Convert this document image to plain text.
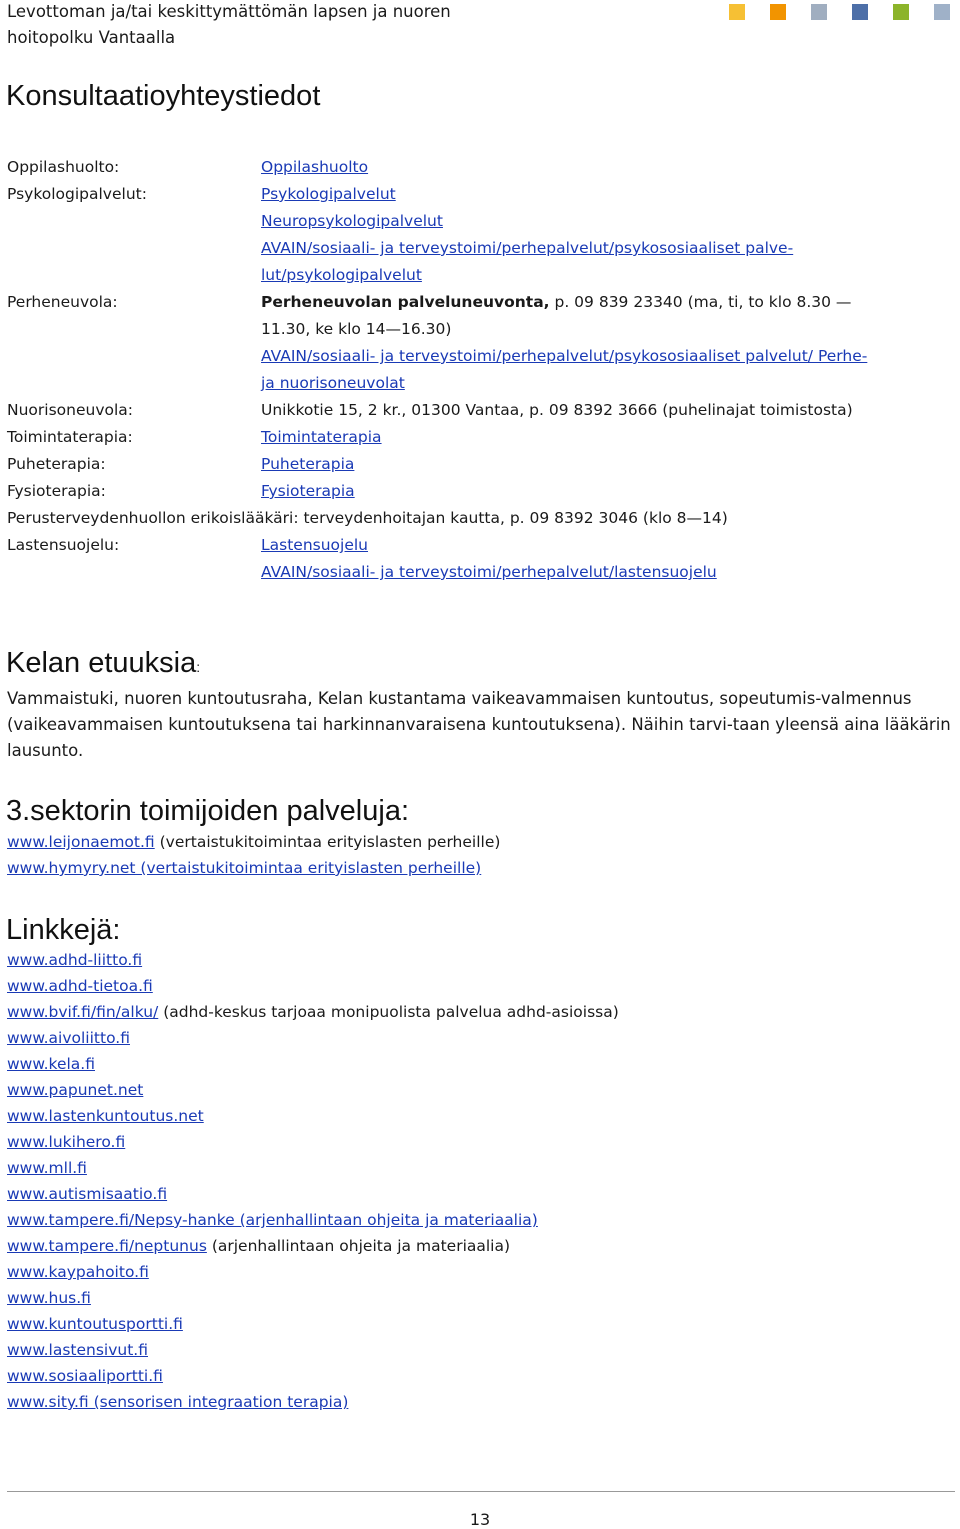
Levottoman ja/tai keskittymättömän lapsen ja nuoren
hoitopolku Vantaalla
Konsultaatioyhteystiedot
Oppilashuolto:	Oppilashuolto
Psykologipalvelut:	Psykologipalvelut
Neuropsykologipalvelut
AVAIN/sosiaali- ja terveystoimi/perhepalvelut/psykososiaaliset palve-
lut/psykologipalvelut
Perheneuvola:	Perheneuvolan palveluneuvonta, p. 09 839 23340 (ma, ti, to klo 8.30 —
11.30, ke klo 14—16.30)
AVAIN/sosiaali- ja terveystoimi/perhepalvelut/psykososiaaliset palvelut/ Perhe-
ja nuorisoneuvolat
Nuorisoneuvola:	Unikkotie 15, 2 kr., 01300 Vantaa, p. 09 8392 3666 (puhelinajat toimistosta)
Toimintaterapia:	Toimintaterapia
Puheterapia:	Puheterapia
Fysioterapia:	Fysioterapia
Perusterveydenhuollon erikoislääkäri: terveydenhoitajan kautta, p. 09 8392 3046 (klo 8—14)
Lastensuojelu:	Lastensuojelu
AVAIN/sosiaali- ja terveystoimi/perhepalvelut/lastensuojelu
Kelan etuuksia:
Vammaistuki, nuoren kuntoutusraha, Kelan kustantama vaikeavammaisen kuntoutus, sopeutumis-valmennus (vaikeavammaisen kuntoutuksena tai harkinnanvaraisena kuntoutuksena). Näihin tarvi-taan yleensä aina lääkärin lausunto.
3.sektorin toimijoiden palveluja:
www.leijonaemot.fi (vertaistukitoimintaa erityislasten perheille)
www.hymyry.net (vertaistukitoimintaa erityislasten perheille)
Linkkejä:
www.adhd-liitto.fi
www.adhd-tietoa.fi
www.bvif.fi/fin/alku/ (adhd-keskus tarjoaa monipuolista palvelua adhd-asioissa)
www.aivoliitto.fi
www.kela.fi
www.papunet.net
www.lastenkuntoutus.net
www.lukihero.fi
www.mll.fi
www.autismisaatio.fi
www.tampere.fi/Nepsy-hanke (arjenhallintaan ohjeita ja materiaalia)
www.tampere.fi/neptunus (arjenhallintaan ohjeita ja materiaalia)
www.kaypahoito.fi
www.hus.fi
www.kuntoutusportti.fi
www.lastensivut.fi
www.sosiaaliportti.fi
www.sity.fi (sensorisen integraation terapia)
13
